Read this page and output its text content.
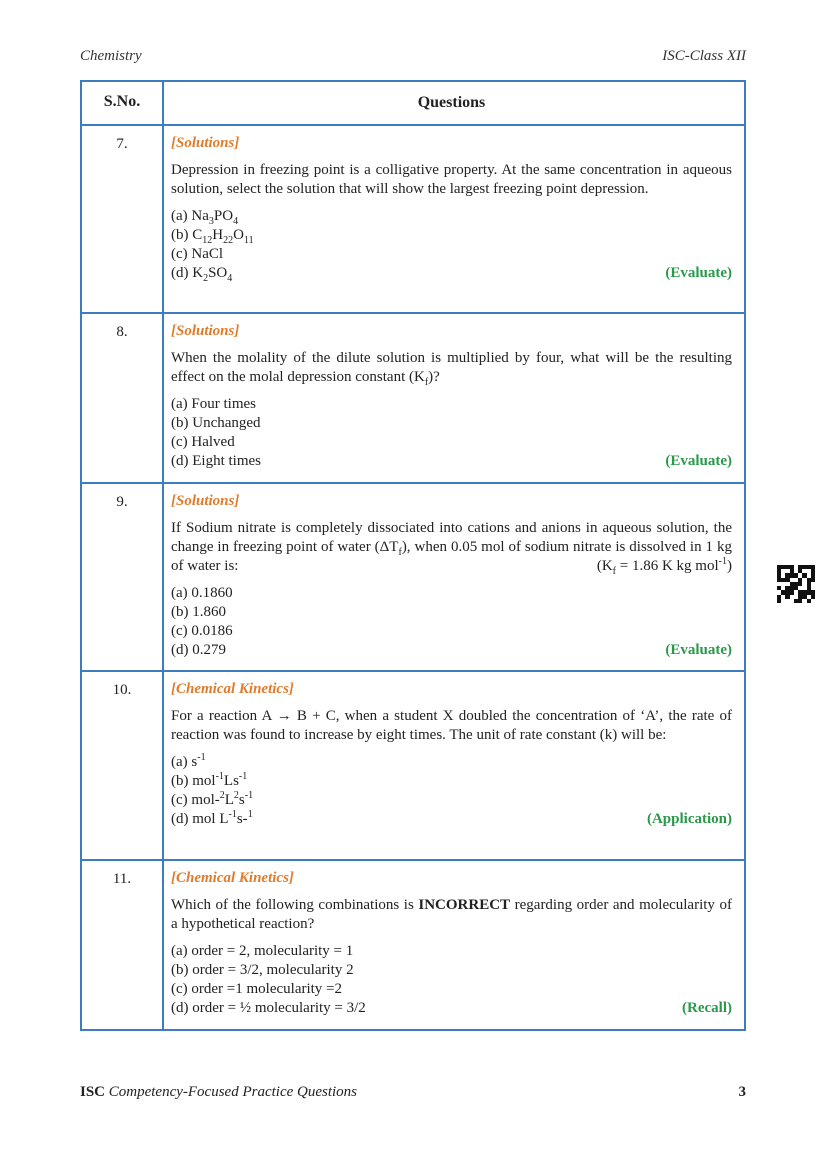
Chemistry	ISC-Class XII
S.No.	Questions
7.	[Solutions]
Depression in freezing point is a colligative property. At the same concentration in aqueous solution, select the solution that will show the largest freezing point depression.
(a) $Na_3PO_4$
(b) $C_{12}H_{22}O_{11}$
(c) NaCl
(d) $K_2SO_4$	(Evaluate)
8.	[Solutions]
When the molality of the dilute solution is multiplied by four, what will be the resulting effect on the molal depression constant $(K_f)$?
(a) Four times
(b) Unchanged
(c) Halved
(d) Eight times	(Evaluate)
9.	[Solutions]
If Sodium nitrate is completely dissociated into cations and anions in aqueous solution, the change in freezing point of water $(\Delta T_f)$, when 0.05 mol of sodium nitrate is dissolved in 1 kg of water is:	($K_f = 1.86$ K kg mol$^{-1}$)
(a) 0.1860
(b) 1.860
(c) 0.0186
(d) 0.279	(Evaluate)
10.	[Chemical Kinetics]
For a reaction A → B + C, when a student X doubled the concentration of ‘A’, the rate of reaction was found to increase by eight times. The unit of rate constant (k) will be:
(a) $s^{-1}$
(b) $mol^{-1}Ls^{-1}$
(c) mol-$^2L^2s^{-1}$
(d) mol $L^{-1}s-^1$	(Application)
11.	[Chemical Kinetics]
Which of the following combinations is INCORRECT regarding order and molecularity of a hypothetical reaction?
(a) order = 2, molecularity = 1
(b) order = 3/2, molecularity 2
(c) order =1 molecularity =2
(d) order = ½ molecularity = 3/2	(Recall)
ISC Competency-Focused Practice Questions	3
